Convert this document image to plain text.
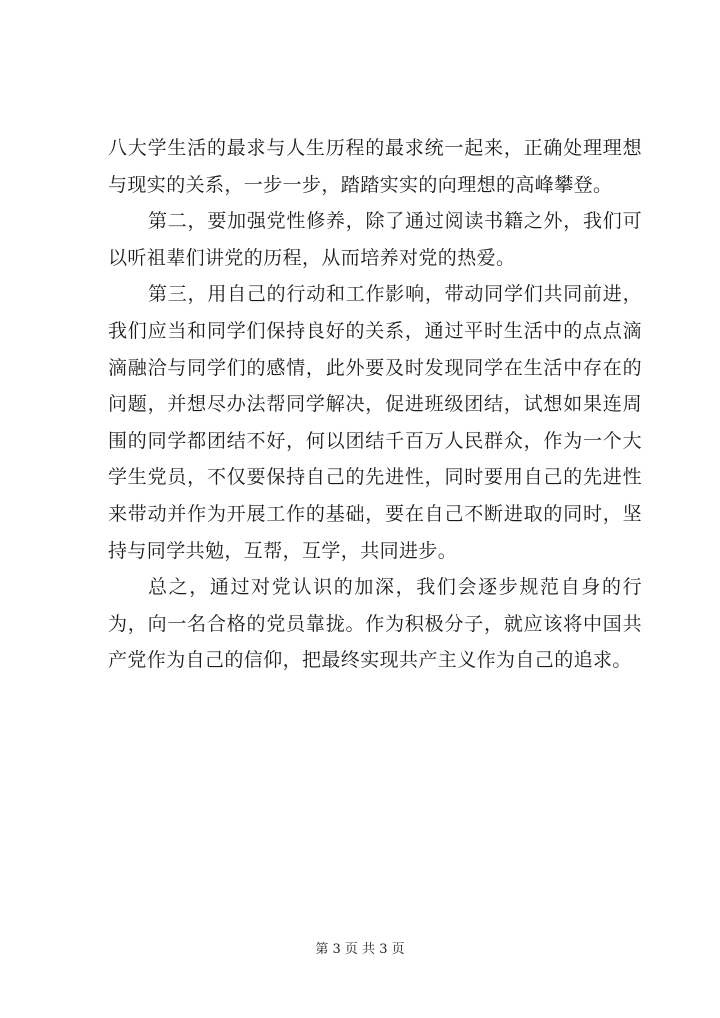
八大学生活的最求与人生历程的最求统一起来，正确处理理想与现实的关系，一步一步，踏踏实实的向理想的高峰攀登。

第二，要加强党性修养，除了通过阅读书籍之外，我们可以听祖辈们讲党的历程，从而培养对党的热爱。

第三，用自己的行动和工作影响，带动同学们共同前进，我们应当和同学们保持良好的关系，通过平时生活中的点点滴滴融洽与同学们的感情，此外要及时发现同学在生活中存在的问题，并想尽办法帮同学解决，促进班级团结，试想如果连周围的同学都团结不好，何以团结千百万人民群众，作为一个大学生党员，不仅要保持自己的先进性，同时要用自己的先进性来带动并作为开展工作的基础，要在自己不断进取的同时，坚持与同学共勉，互帮，互学，共同进步。

总之，通过对党认识的加深，我们会逐步规范自身的行为，向一名合格的党员靠拢。作为积极分子，就应该将中国共产党作为自己的信仰，把最终实现共产主义作为自己的追求。

第 3 页 共 3 页
